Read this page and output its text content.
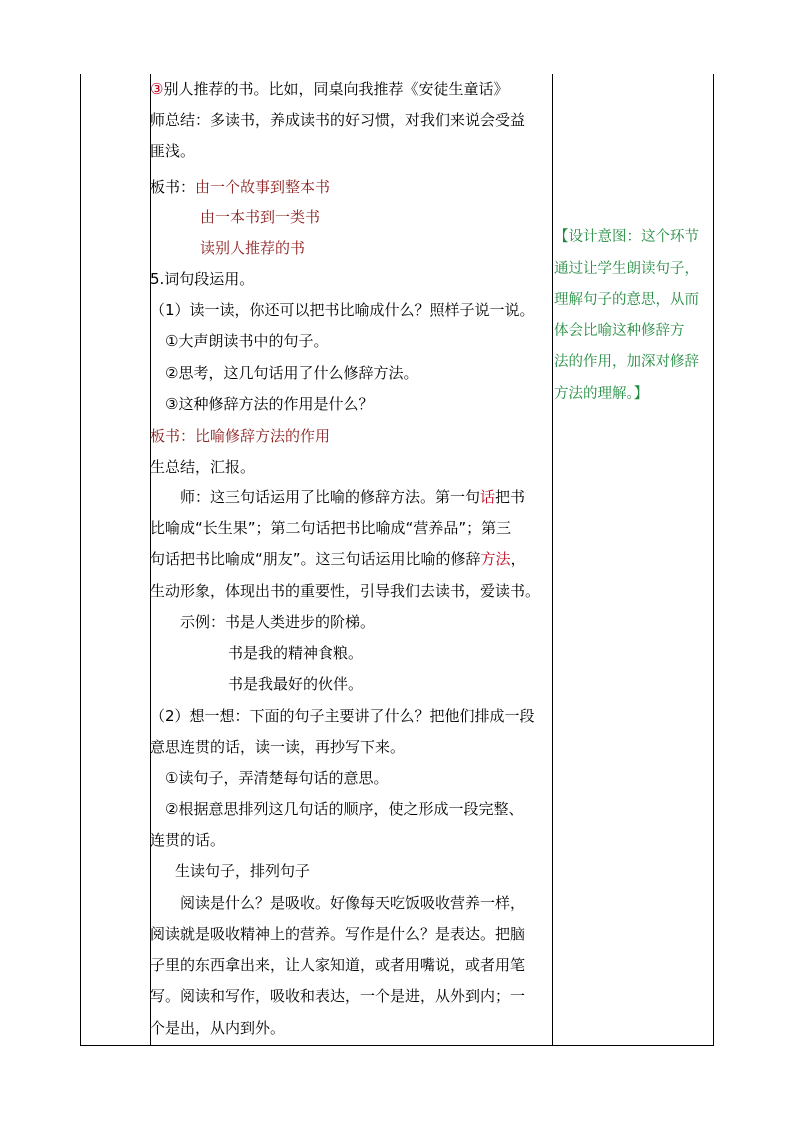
③别人推荐的书。比如，同桌向我推荐《安徒生童话》
师总结：多读书，养成读书的好习惯，对我们来说会受益
匪浅。
板书：由一个故事到整本书
由一本书到一类书
读别人推荐的书
5.词句段运用。
（1）读一读，你还可以把书比喻成什么？照样子说一说。
①大声朗读书中的句子。
②思考，这几句话用了什么修辞方法。
③这种修辞方法的作用是什么？
板书：比喻修辞方法的作用
生总结，汇报。
师：这三句话运用了比喻的修辞方法。第一句话把书
比喻成“长生果”；第二句话把书比喻成“营养品”；第三
句话把书比喻成“朋友”。这三句话运用比喻的修辞方法，
生动形象，体现出书的重要性，引导我们去读书，爱读书。
示例：书是人类进步的阶梯。
书是我的精神食粮。
书是我最好的伙伴。
（2）想一想：下面的句子主要讲了什么？把他们排成一段
意思连贯的话，读一读，再抄写下来。
①读句子，弄清楚每句话的意思。
②根据意思排列这几句话的顺序，使之形成一段完整、
连贯的话。
生读句子，排列句子
阅读是什么？是吸收。好像每天吃饭吸收营养一样，
阅读就是吸收精神上的营养。写作是什么？是表达。把脑
子里的东西拿出来，让人家知道，或者用嘴说，或者用笔
写。阅读和写作，吸收和表达，一个是进，从外到内；一
个是出，从内到外。
【设计意图：这个环节
通过让学生朗读句子，
理解句子的意思，从而
体会比喻这种修辞方
法的作用，加深对修辞
方法的理解。】
